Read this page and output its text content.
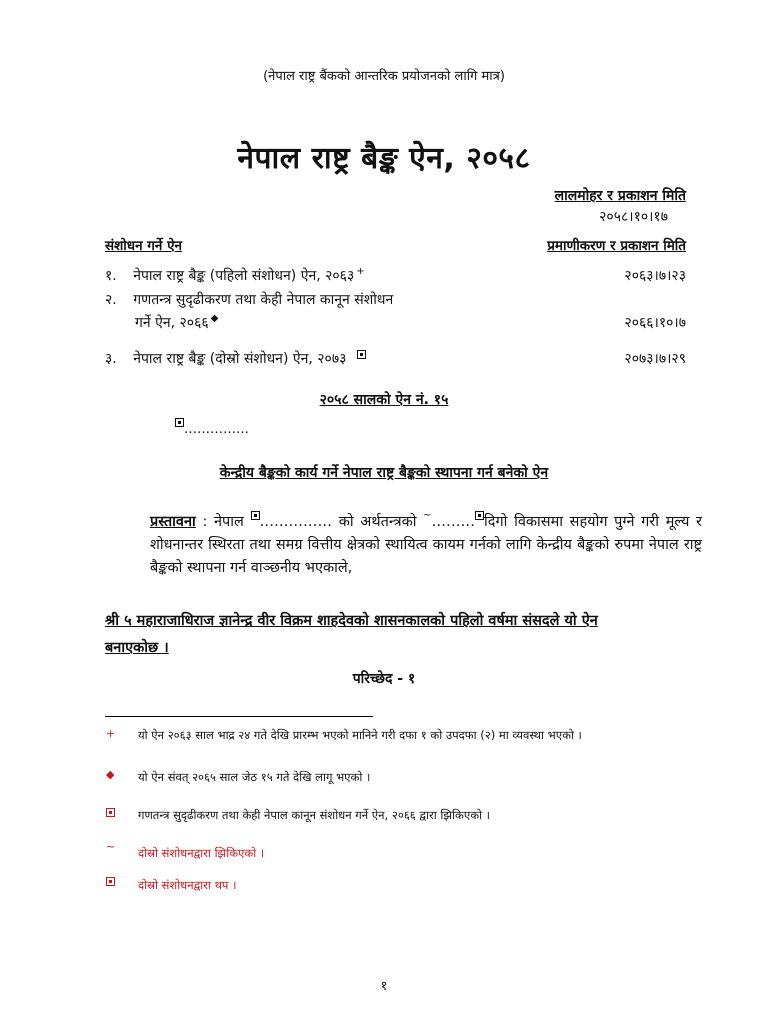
(नेपाल राष्ट्र बैंकको आन्तरिक प्रयोजनको लागि मात्र)
नेपाल राष्ट्र बैङ्क ऐन, २०५८
लालमोहर र प्रकाशन मिति
२०५८।१०।१७
संशोधन गर्ने ऐन	प्रमाणीकरण र प्रकाशन मिति
१. नेपाल राष्ट्र बैङ्क (पहिलो संशोधन) ऐन, २०६३ +	२०६३।७।२३
२. गणतन्त्र सुदृढीकरण तथा केही नेपाल कानून संशोधन
गर्ने ऐन, २०६६ ◆	२०६६।१०।७
३. नेपाल राष्ट्र बैङ्क (दोस्रो संशोधन) ऐन, २०७३	२०७३।७।२९
२०५८ सालको ऐन नं. १५
……………
केन्द्रीय बैङ्कको कार्य गर्ने नेपाल राष्ट्र बैङ्कको स्थापना गर्न बनेको ऐन
प्रस्तावना : नेपाल …………… को अर्थतन्त्रको ~……… दिगो विकासमा सहयोग पुग्ने गरी मूल्य र शोधनान्तर स्थिरता तथा समग्र वित्तीय क्षेत्रको स्थायित्व कायम गर्नको लागि केन्द्रीय बैङ्कको रुपमा नेपाल राष्ट्र बैङ्कको स्थापना गर्न वाञ्छनीय भएकाले,
श्री ५ महाराजाधिराज ज्ञानेन्द्र वीर विक्रम शाहदेवको शासनकालको पहिलो वर्षमा संसदले यो ऐन
बनाएकोछ ।
परिच्छेद - १
+ यो ऐन २०६३ साल भाद्र २४ गते देखि प्रारम्भ भएको मानिने गरी दफा १ को उपदफा (२) मा व्यवस्था भएको ।
◆ यो ऐन संवत् २०६५ साल जेठ १५ गते देखि लागू भएको ।
गणतन्त्र सुदृढीकरण तथा केही नेपाल कानून संशोधन गर्ने ऐन, २०६६ द्वारा झिकिएको ।
~ दोस्रो संशोधनद्वारा झिकिएको ।
दोस्रो संशोधनद्वारा थप ।
१
